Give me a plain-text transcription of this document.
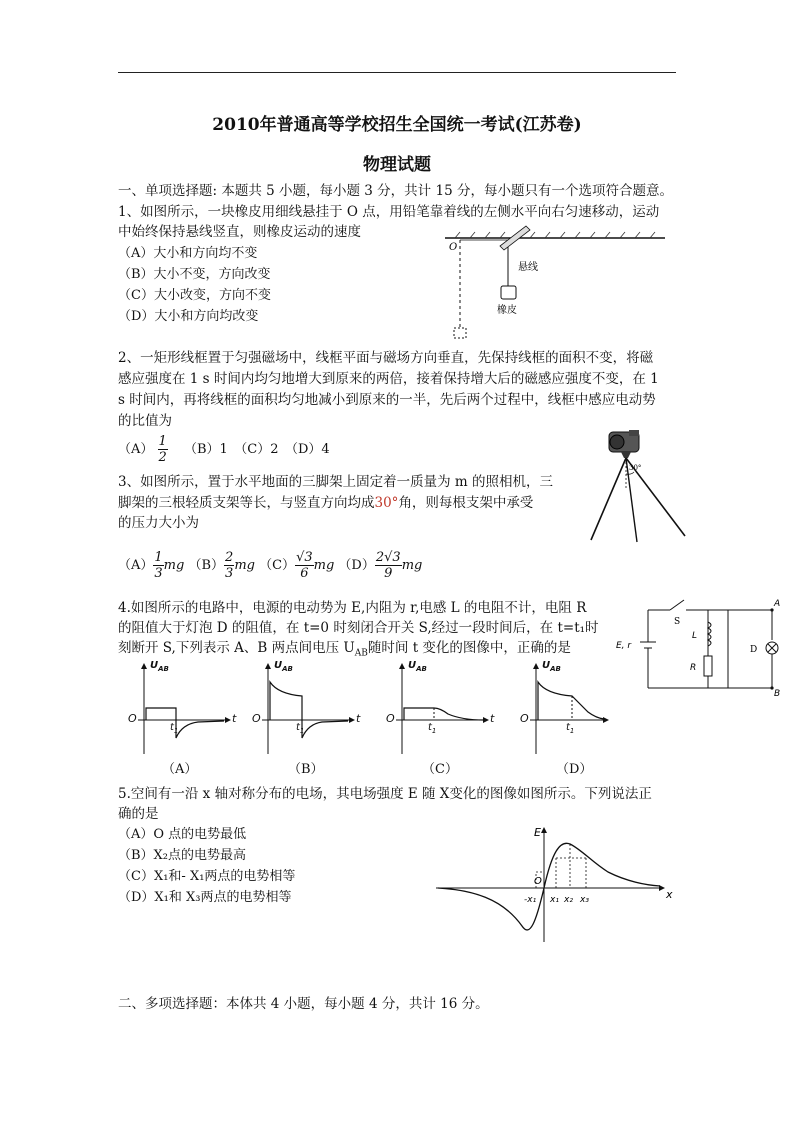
2010年普通高等学校招生全国统一考试(江苏卷)
物理试题
一、单项选择题: 本题共 5 小题，每小题 3 分，共计 15 分，每小题只有一个选项符合题意。
1、如图所示，一块橡皮用细线悬挂于 O 点，用铅笔靠着线的左侧水平向右匀速移动，运动
中始终保持悬线竖直，则橡皮运动的速度
（A）大小和方向均不变
（B）大小不变，方向改变
（C）大小改变，方向不变
（D）大小和方向均改变
O
悬线
橡皮
2、一矩形线框置于匀强磁场中，线框平面与磁场方向垂直，先保持线框的面积不变，将磁
感应强度在 1 s 时间内均匀地增大到原来的两倍，接着保持增大后的磁感应强度不变，在 1
s 时间内，再将线框的面积均匀地减小到原来的一半，先后两个过程中，线框中感应电动势
的比值为
$(A) \frac{1}{2} (B)1$　（C）2　（D）4
3、如图所示，置于水平地面的三脚架上固定着一质量为 m 的照相机，三
脚架的三根轻质支架等长，与竖直方向均成30°角，则每根支架中承受
的压力大小为
$(A) \frac{1}{3}$ mg $(B) \frac{2}{3}$ mg $(C) \frac{√3}{6}$ mg $(D) \frac{2√3}{9}$ mg
30°
4.如图所示的电路中，电源的电动势为 E,内阻为 r,电感 L 的电阻不计，电阻 R
的阻值大于灯泡 D 的阻值，在 t=0 时刻闭合开关 S,经过一段时间后，在 t=t₁时
刻断开 S,下列表示 A、B 两点间电压 $U_{AB}$随时间 t 变化的图像中，正确的是
A
B
S
L
R
D
E, r
$U_{AB}$	$U_{AB}$	$U_{AB}$	$U_{AB}$
O	O	O	O
t	t	t
$t_1$	$t_1$	$t_1$	$t_1$
（A）	（B）	（C）	（D）
5.空间有一沿 x 轴对称分布的电场，其电场强度 E 随 X变化的图像如图所示。下列说法正
确的是
（A）O 点的电势最低
（B）X₂点的电势最高
（C）X₁和- X₁两点的电势相等
（D）X₁和 X₃两点的电势相等
E
O
x
-x₁ x₁ x₂ x₃
二、多项选择题：本体共 4 小题，每小题 4 分，共计 16 分。
